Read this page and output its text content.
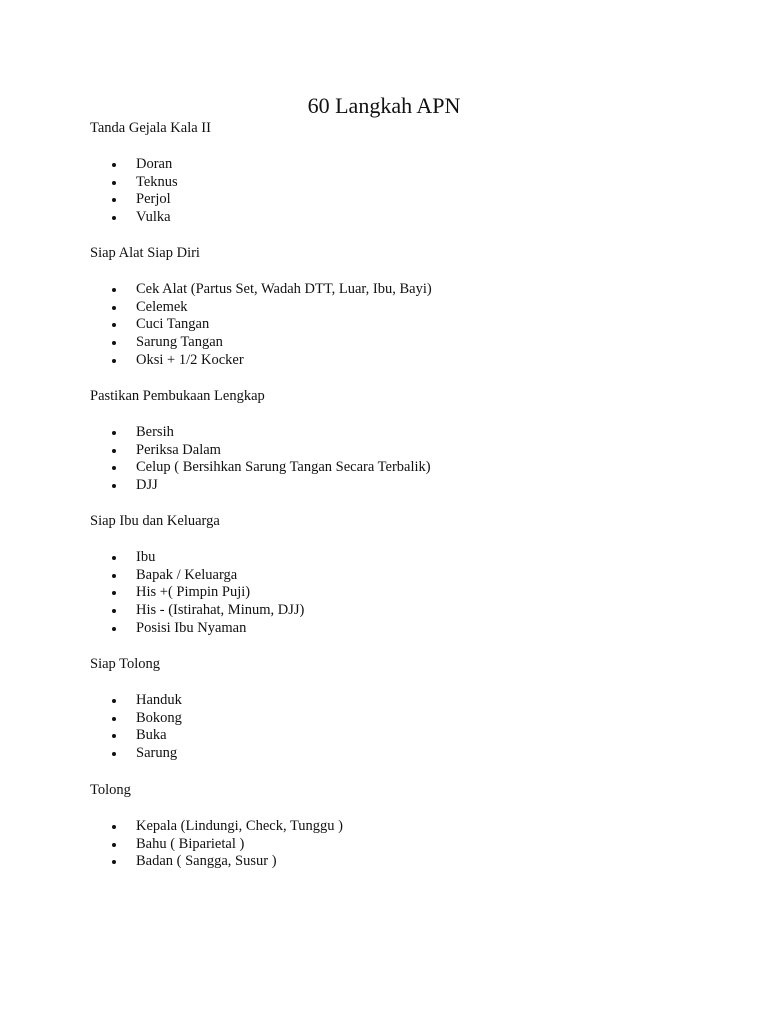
60 Langkah APN

Tanda Gejala Kala II

Doran
Teknus
Perjol
Vulka

Siap Alat Siap Diri

Cek Alat (Partus Set, Wadah DTT, Luar, Ibu, Bayi)
Celemek
Cuci Tangan
Sarung Tangan
Oksi + 1/2 Kocker

Pastikan Pembukaan Lengkap

Bersih
Periksa Dalam
Celup ( Bersihkan Sarung Tangan Secara Terbalik)
DJJ

Siap Ibu dan Keluarga

Ibu
Bapak / Keluarga
His +( Pimpin Puji)
His - (Istirahat, Minum, DJJ)
Posisi Ibu Nyaman

Siap Tolong

Handuk
Bokong
Buka
Sarung

Tolong

Kepala (Lindungi, Check, Tunggu )
Bahu ( Biparietal )
Badan ( Sangga, Susur )
